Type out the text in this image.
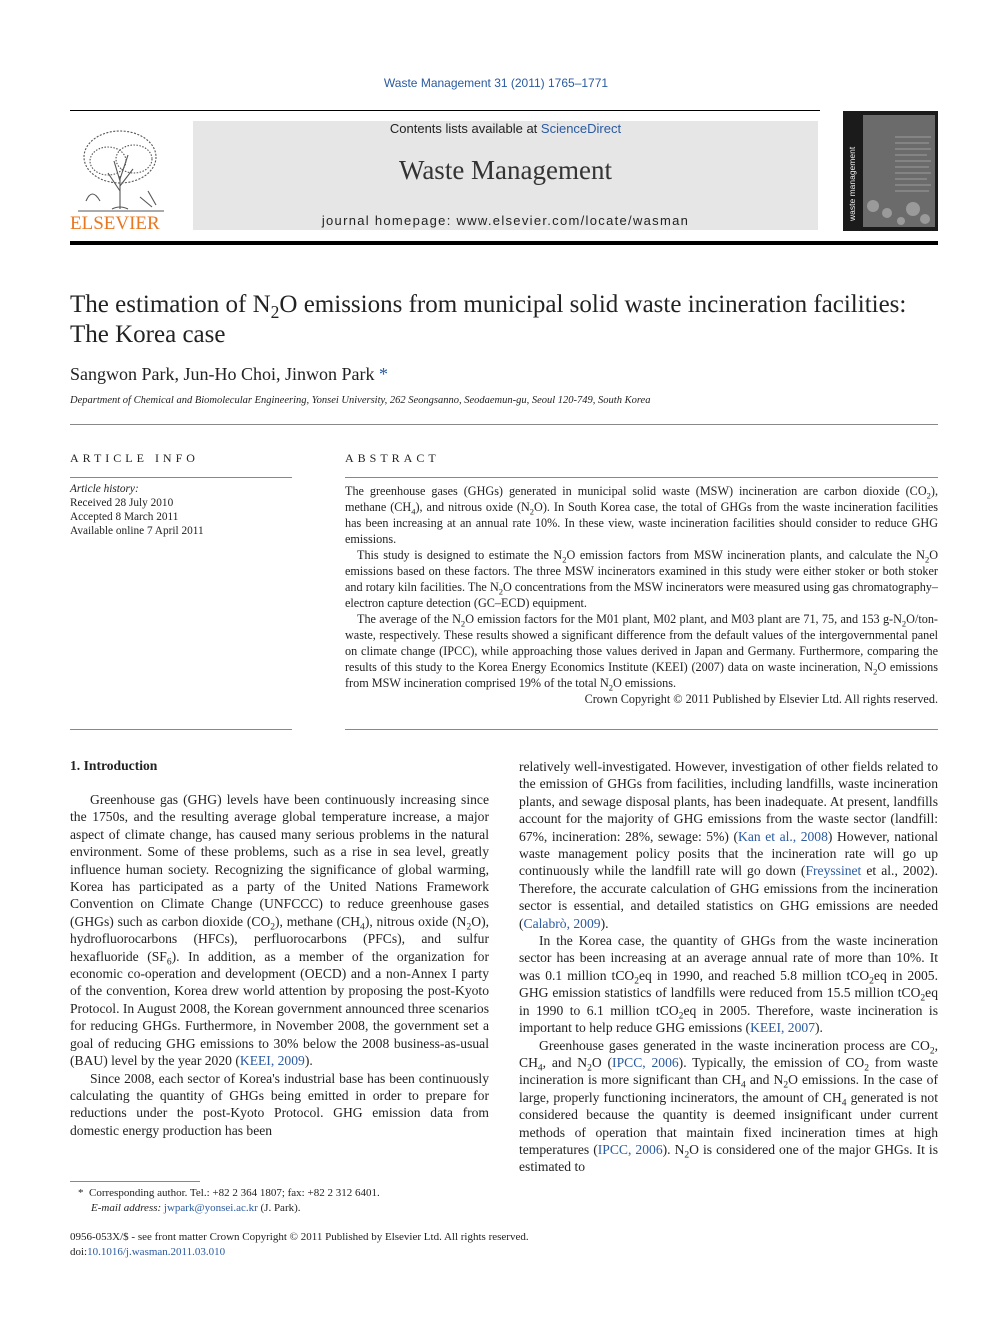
Waste Management 31 (2011) 1765–1771
ELSEVIER
Contents lists available at ScienceDirect
Waste Management
journal homepage: www.elsevier.com/locate/wasman	waste management
The estimation of $N_2O$ emissions from municipal solid waste incineration facilities:
The Korea case
Sangwon Park, Jun-Ho Choi, Jinwon Park *
Department of Chemical and Biomolecular Engineering, Yonsei University, 262 Seongsanno, Seodaemun-gu, Seoul 120-749, South Korea
ARTICLE INFO
Article history:
Received 28 July 2010
Accepted 8 March 2011
Available online 7 April 2011
ABSTRACT

The greenhouse gases (GHGs) generated in municipal solid waste (MSW) incineration are carbon dioxide $(CO_2)$, methane $(CH_4)$, and nitrous oxide $(N_2O)$. In South Korea case, the total of GHGs from the waste incineration facilities has been increasing at an annual rate 10%. In these view, waste incineration facilities should consider to reduce GHG emissions.

This study is designed to estimate the $N_2O$ emission factors from MSW incineration plants, and calculate the $N_2O$ emissions based on these factors. The three MSW incinerators examined in this study were either stoker or both stoker and rotary kiln facilities. The $N_2O$ concentrations from the MSW incinerators were measured using gas chromatography–electron capture detection (GC–ECD) equipment.

The average of the $N_2O$ emission factors for the M01 plant, M02 plant, and M03 plant are 71, 75, and 153 $g-N_2O/ton$-waste, respectively. These results showed a significant difference from the default values of the intergovernmental panel on climate change (IPCC), while approaching those values derived in Japan and Germany. Furthermore, comparing the results of this study to the Korea Energy Economics Institute (KEEI) (2007) data on waste incineration, $N_2O$ emissions from MSW incineration comprised 19% of the total $N_2O$ emissions.

Crown Copyright © 2011 Published by Elsevier Ltd. All rights reserved.
1. Introduction

Greenhouse gas (GHG) levels have been continuously increasing since the 1750s, and the resulting average global temperature increase, a major aspect of climate change, has caused many serious problems in the natural environment. Some of these problems, such as a rise in sea level, greatly influence human society. Recognizing the significance of global warming, Korea has participated as a party of the United Nations Framework Convention on Climate Change (UNFCCC) to reduce greenhouse gases (GHGs) such as carbon dioxide $(CO_2)$, methane $(CH_4)$, nitrous oxide $(N_2O)$, hydrofluorocarbons (HFCs), perfluorocarbons (PFCs), and sulfur hexafluoride $(SF_6)$. In addition, as a member of the organization for economic co-operation and development (OECD) and a non-Annex I party of the convention, Korea drew world attention by proposing the post-Kyoto Protocol. In August 2008, the Korean government announced three scenarios for reducing GHGs. Furthermore, in November 2008, the government set a goal of reducing GHG emissions to 30% below the 2008 business-as-usual (BAU) level by the year 2020 (KEEI, 2009).

Since 2008, each sector of Korea's industrial base has been continuously calculating the quantity of GHGs being emitted in order to prepare for reductions under the post-Kyoto Protocol. GHG emission data from domestic energy production has been

relatively well-investigated. However, investigation of other fields related to the emission of GHGs from facilities, including landfills, waste incineration plants, and sewage disposal plants, has been inadequate. At present, landfills account for the majority of GHG emissions from the waste sector (landfill: 67%, incineration: 28%, sewage: 5%) (Kan et al., 2008) However, national waste management policy posits that the incineration rate will go up continuously while the landfill rate will go down (Freyssinet et al., 2002). Therefore, the accurate calculation of GHG emissions from the incineration sector is essential, and detailed statistics on GHG emissions are needed (Calabrò, 2009).

In the Korea case, the quantity of GHGs from the waste incineration sector has been increasing at an average annual rate of more than 10%. It was 0.1 million tCO$_2$eq in 1990, and reached 5.8 million tCO$_2$eq in 2005. GHG emission statistics of landfills were reduced from 15.5 million tCO$_2$eq in 1990 to 6.1 million tCO$_2$eq in 2005. Therefore, waste incineration is important to help reduce GHG emissions (KEEI, 2007).

Greenhouse gases generated in the waste incineration process are $CO_2$, $CH_4$, and $N_2O$ (IPCC, 2006). Typically, the emission of $CO_2$ from waste incineration is more significant than $CH_4$ and $N_2O$ emissions. In the case of large, properly functioning incinerators, the amount of $CH_4$ generated is not considered because the quantity is deemed insignificant under current methods of operation that maintain fixed incineration times at high temperatures (IPCC, 2006). $N_2O$ is considered one of the major GHGs. It is estimated to

* Corresponding author. Tel.: +82 2 364 1807; fax: +82 2 312 6401.
E-mail address: jwpark@yonsei.ac.kr (J. Park).
0956-053X/$ - see front matter Crown Copyright © 2011 Published by Elsevier Ltd. All rights reserved.
doi:10.1016/j.wasman.2011.03.010
